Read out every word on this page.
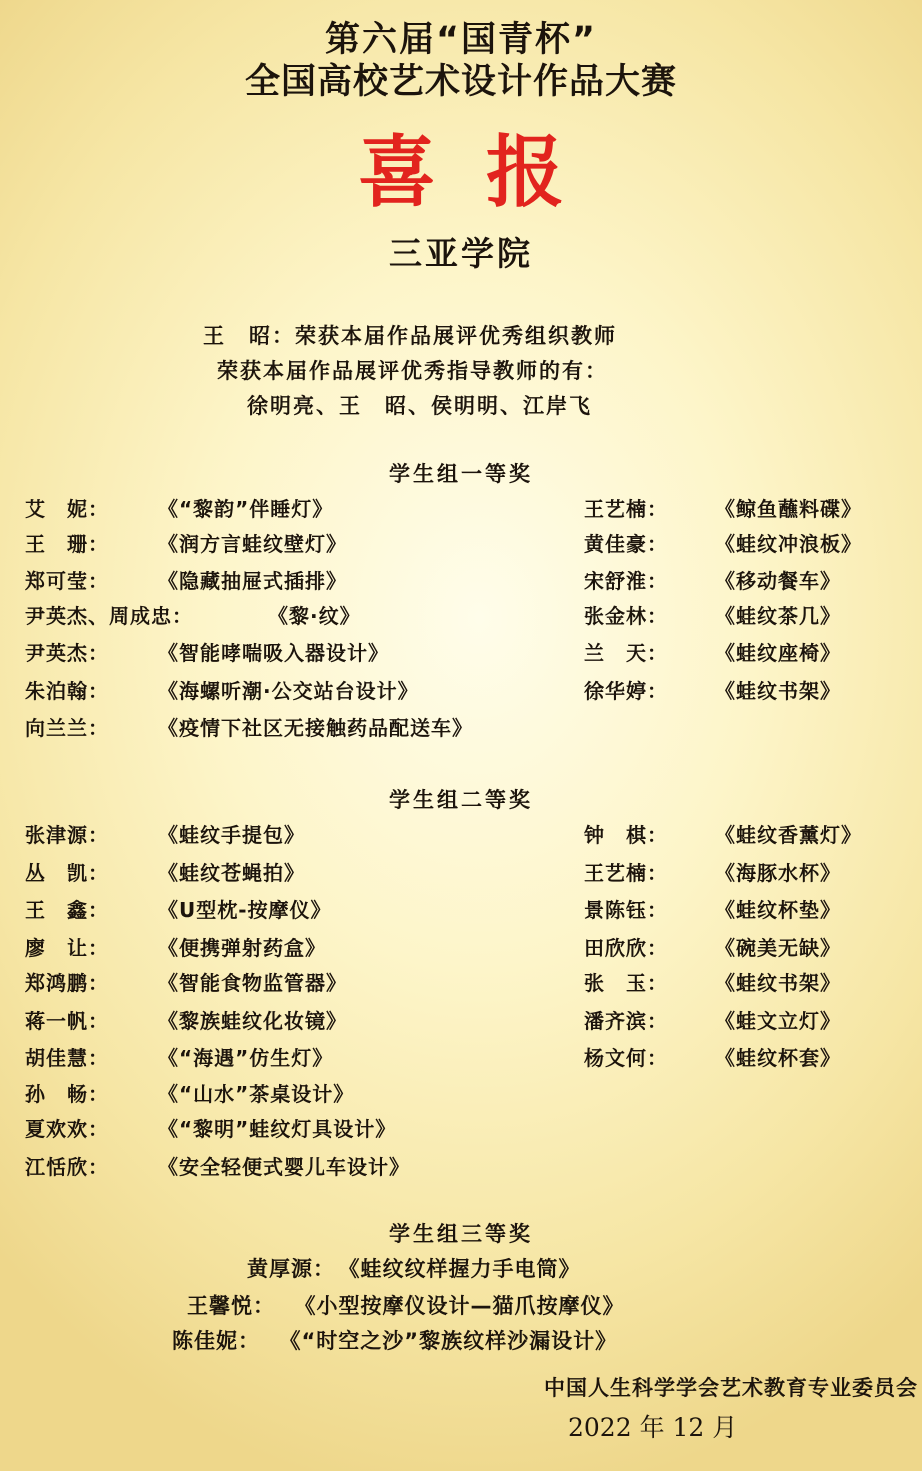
第六届“国青杯”
全国高校艺术设计作品大赛
喜报
三亚学院
王　昭：荣获本届作品展评优秀组织教师
荣获本届作品展评优秀指导教师的有：
徐明亮、王　昭、侯明明、江岸飞
学生组一等奖
艾　妮： 《“黎韵”伴睡灯》	王艺楠： 《鲸鱼蘸料碟》
王　珊： 《润方言蛙纹壁灯》	黄佳豪： 《蛙纹冲浪板》
郑可莹： 《隐藏抽屉式插排》	宋舒淮： 《移动餐车》
尹英杰、周成忠：	《黎·纹》	张金林： 《蛙纹茶几》
尹英杰： 《智能哮喘吸入器设计》	兰　天： 《蛙纹座椅》
朱泊翰： 《海螺听潮·公交站台设计》	徐华婷： 《蛙纹书架》
向兰兰： 《疫情下社区无接触药品配送车》
学生组二等奖
张津源： 《蛙纹手提包》	钟　棋： 《蛙纹香薰灯》
丛　凯： 《蛙纹苍蝇拍》	王艺楠： 《海豚水杯》
王　鑫： 《U型枕-按摩仪》	景陈钰： 《蛙纹杯垫》
廖　让： 《便携弹射药盒》	田欣欣： 《碗美无缺》
郑鸿鹏： 《智能食物监管器》	张　玉： 《蛙纹书架》
蒋一帆： 《黎族蛙纹化妆镜》	潘齐滨： 《蛙文立灯》
胡佳慧： 《“海遇”仿生灯》	杨文何： 《蛙纹杯套》
孙　畅： 《“山水”茶桌设计》
夏欢欢： 《“黎明”蛙纹灯具设计》
江恬欣： 《安全轻便式婴儿车设计》
学生组三等奖
黄厚源： 《蛙纹纹样握力手电筒》
王馨悦： 《小型按摩仪设计—猫爪按摩仪》
陈佳妮： 《“时空之沙”黎族纹样沙漏设计》
中国人生科学学会艺术教育专业委员会
2022 年 12 月
